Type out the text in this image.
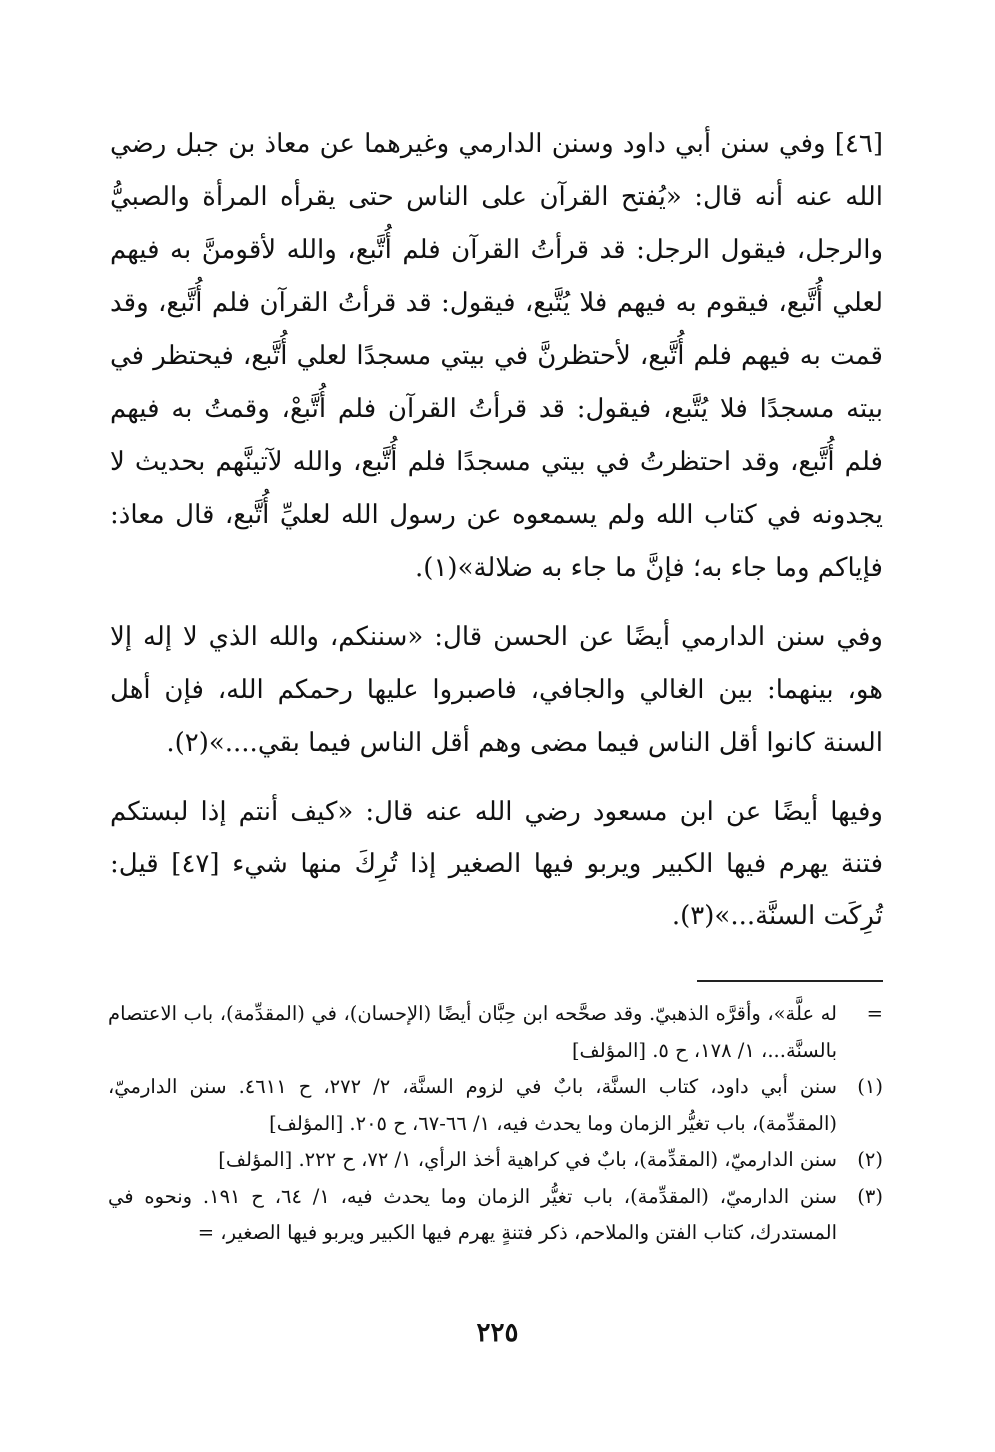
[٤٦] وفي سنن أبي داود وسنن الدارمي وغيرهما عن معاذ بن جبل رضي الله عنه أنه قال: «يُفتح القرآن على الناس حتى يقرأه المرأة والصبيُّ والرجل، فيقول الرجل: قد قرأتُ القرآن فلم أُتَّبع، والله لأقومنَّ به فيهم لعلي أُتَّبع، فيقوم به فيهم فلا يُتَّبع، فيقول: قد قرأتُ القرآن فلم أُتَّبع، وقد قمت به فيهم فلم أُتَّبع، لأحتظرنَّ في بيتي مسجدًا لعلي أُتَّبع، فيحتظر في بيته مسجدًا فلا يُتَّبع، فيقول: قد قرأتُ القرآن فلم أُتَّبعْ، وقمتُ به فيهم فلم أُتَّبع، وقد احتظرتُ في بيتي مسجدًا فلم أُتَّبع، والله لآتينَّهم بحديث لا يجدونه في كتاب الله ولم يسمعوه عن رسول الله لعليِّ أُتَّبع، قال معاذ: فإياكم وما جاء به؛ فإنَّ ما جاء به ضلالة»(١).

وفي سنن الدارمي أيضًا عن الحسن قال: «سننكم، والله الذي لا إله إلا هو، بينهما: بين الغالي والجافي، فاصبروا عليها رحمكم الله، فإن أهل السنة كانوا أقل الناس فيما مضى وهم أقل الناس فيما بقي....»(٢).

وفيها أيضًا عن ابن مسعود رضي الله عنه قال: «كيف أنتم إذا لبستكم فتنة يهرم فيها الكبير ويربو فيها الصغير إذا تُرِكَ منها شيء [٤٧] قيل: تُرِكَت السنَّة...»(٣).

=
له علَّة»، وأقرَّه الذهبيّ. وقد صحَّحه ابن حِبَّان أيضًا (الإحسان)، في (المقدِّمة)، باب الاعتصام بالسنَّة...، ١/ ١٧٨، ح ٥. [المؤلف]
(١)
سنن أبي داود، كتاب السنَّة، بابٌ في لزوم السنَّة، ٢/ ٢٧٢، ح ٤٦١١. سنن الدارميّ، (المقدِّمة)، باب تغيُّر الزمان وما يحدث فيه، ١/ ٦٦-٦٧، ح ٢٠٥. [المؤلف]
(٢)
سنن الدارميّ، (المقدِّمة)، بابٌ في كراهية أخذ الرأي، ١/ ٧٢، ح ٢٢٢. [المؤلف]
(٣)
سنن الدارميّ، (المقدِّمة)، باب تغيُّر الزمان وما يحدث فيه، ١/ ٦٤، ح ١٩١. ونحوه في المستدرك، كتاب الفتن والملاحم، ذكر فتنةٍ يهرم فيها الكبير ويربو فيها الصغير، =
٢٢٥
